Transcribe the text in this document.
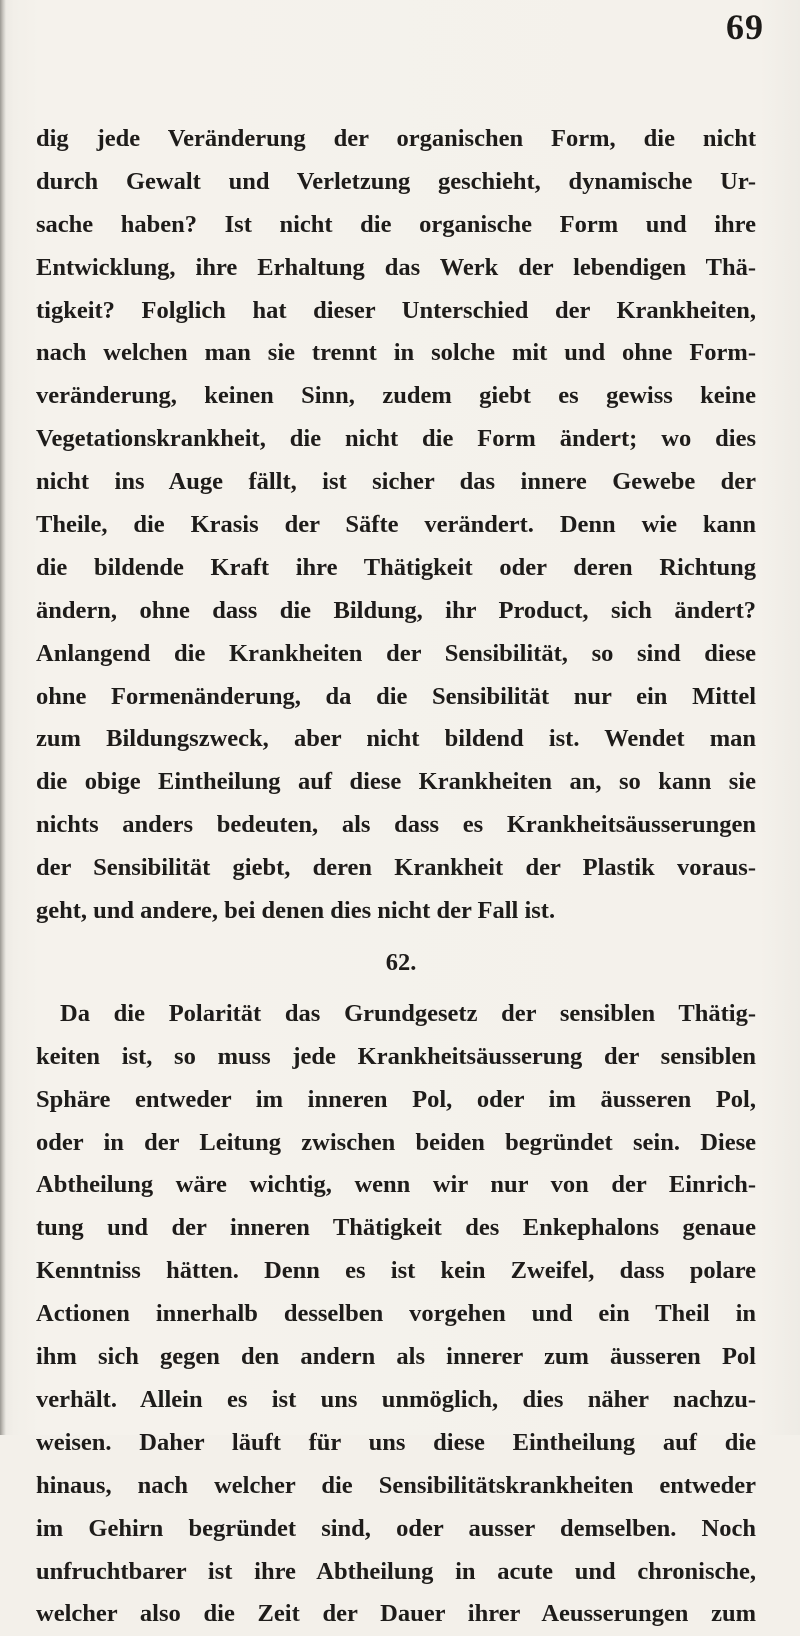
69
dig jede Veränderung der organischen Form, die nicht
durch Gewalt und Verletzung geschieht, dynamische Ur-
sache haben? Ist nicht die organische Form und ihre
Entwicklung, ihre Erhaltung das Werk der lebendigen Thä-
tigkeit? Folglich hat dieser Unterschied der Krankheiten,
nach welchen man sie trennt in solche mit und ohne Form-
veränderung, keinen Sinn, zudem giebt es gewiss keine
Vegetationskrankheit, die nicht die Form ändert; wo dies
nicht ins Auge fällt, ist sicher das innere Gewebe der
Theile, die Krasis der Säfte verändert. Denn wie kann
die bildende Kraft ihre Thätigkeit oder deren Richtung
ändern, ohne dass die Bildung, ihr Product, sich ändert?
Anlangend die Krankheiten der Sensibilität, so sind diese
ohne Formenänderung, da die Sensibilität nur ein Mittel
zum Bildungszweck, aber nicht bildend ist. Wendet man
die obige Eintheilung auf diese Krankheiten an, so kann sie
nichts anders bedeuten, als dass es Krankheitsäusserungen
der Sensibilität giebt, deren Krankheit der Plastik voraus-
geht, und andere, bei denen dies nicht der Fall ist.
62.
Da die Polarität das Grundgesetz der sensiblen Thätig-
keiten ist, so muss jede Krankheitsäusserung der sensiblen
Sphäre entweder im inneren Pol, oder im äusseren Pol,
oder in der Leitung zwischen beiden begründet sein. Diese
Abtheilung wäre wichtig, wenn wir nur von der Einrich-
tung und der inneren Thätigkeit des Enkephalons genaue
Kenntniss hätten. Denn es ist kein Zweifel, dass polare
Actionen innerhalb desselben vorgehen und ein Theil in
ihm sich gegen den andern als innerer zum äusseren Pol
verhält. Allein es ist uns unmöglich, dies näher nachzu-
weisen. Daher läuft für uns diese Eintheilung auf die
hinaus, nach welcher die Sensibilitätskrankheiten entweder
im Gehirn begründet sind, oder ausser demselben. Noch
unfruchtbarer ist ihre Abtheilung in acute und chronische,
welcher also die Zeit der Dauer ihrer Aeusserungen zum
